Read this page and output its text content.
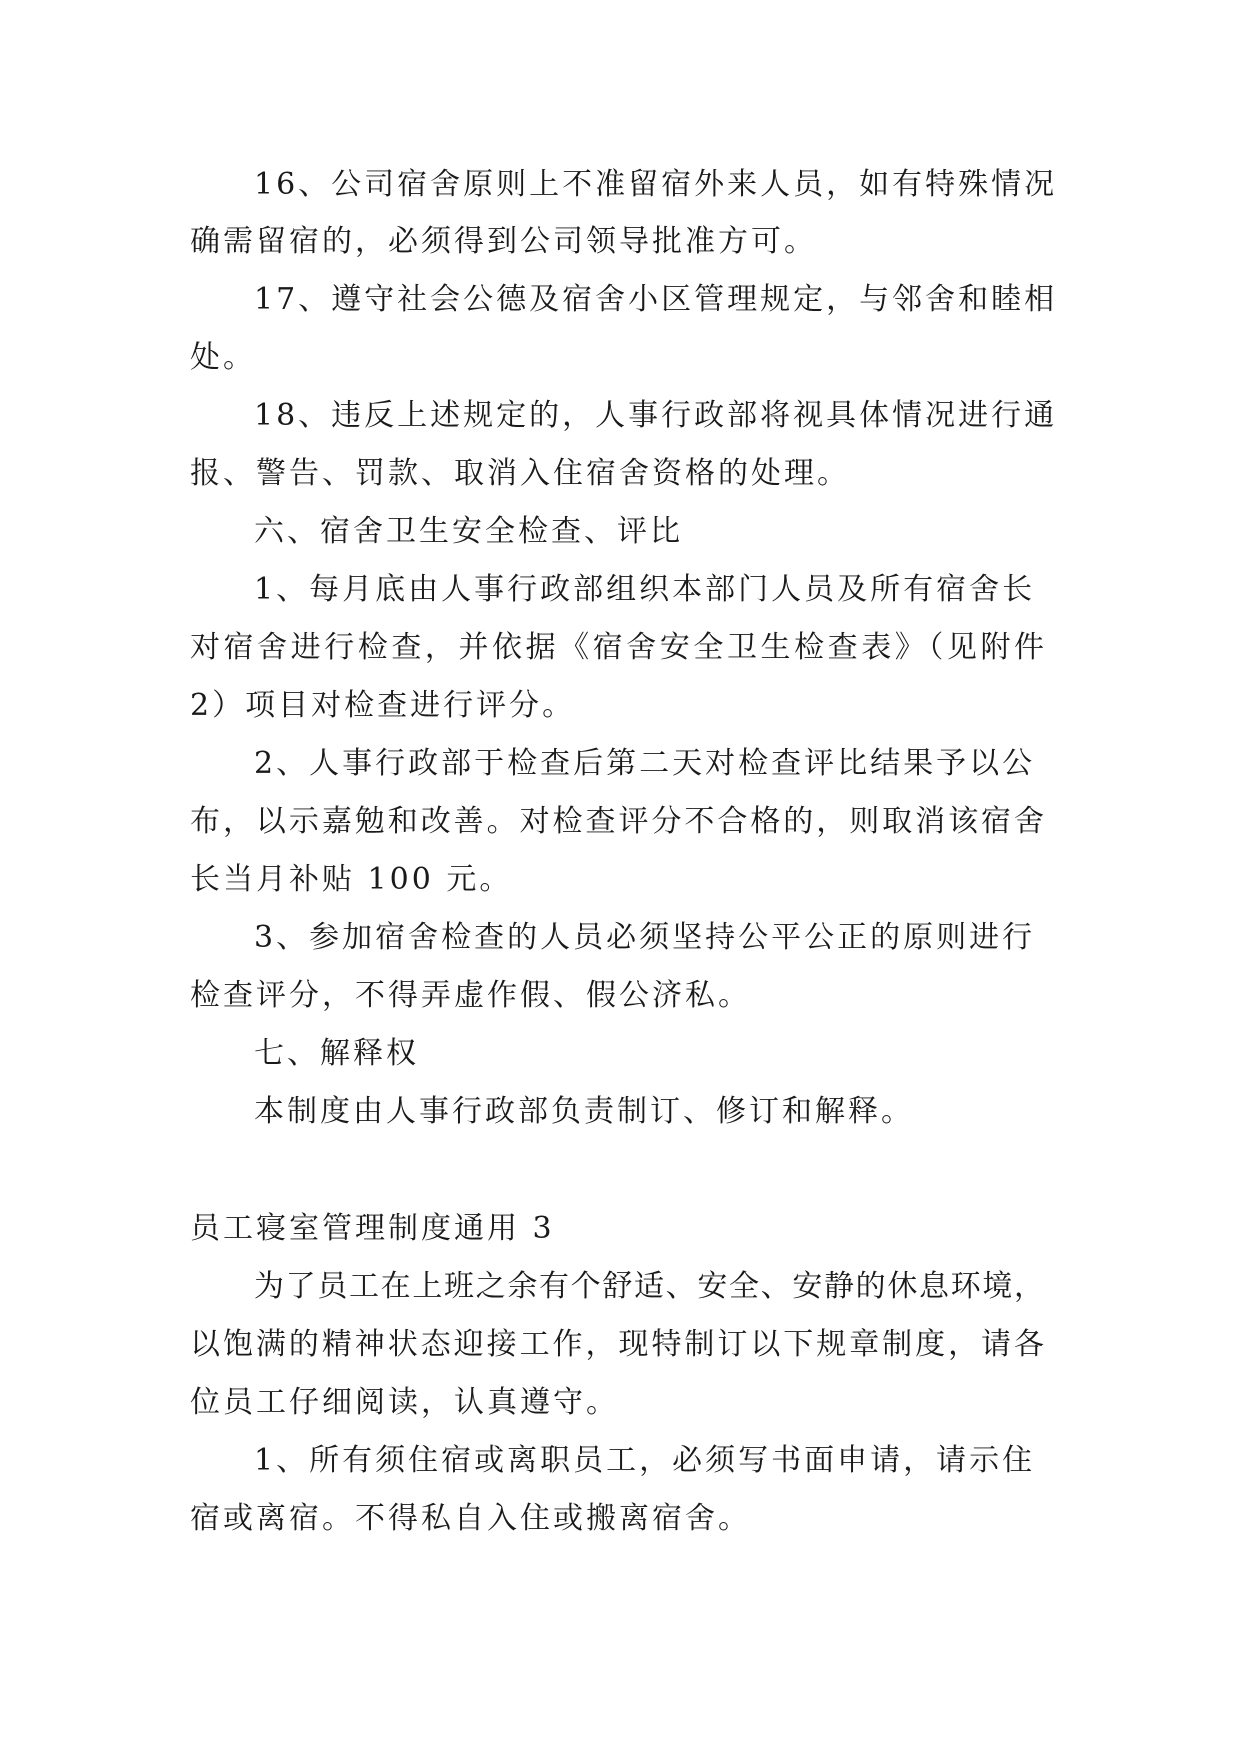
16、公司宿舍原则上不准留宿外来人员，如有特殊情况
确需留宿的，必须得到公司领导批准方可。
17、遵守社会公德及宿舍小区管理规定，与邻舍和睦相
处。
18、违反上述规定的，人事行政部将视具体情况进行通
报、警告、罚款、取消入住宿舍资格的处理。
六、宿舍卫生安全检查、评比
1、每月底由人事行政部组织本部门人员及所有宿舍长
对宿舍进行检查，并依据《宿舍安全卫生检查表》（见附件
2）项目对检查进行评分。
2、人事行政部于检查后第二天对检查评比结果予以公
布，以示嘉勉和改善。对检查评分不合格的，则取消该宿舍
长当月补贴 100 元。
3、参加宿舍检查的人员必须坚持公平公正的原则进行
检查评分，不得弄虚作假、假公济私。
七、解释权
本制度由人事行政部负责制订、修订和解释。
员工寝室管理制度通用 3
为了员工在上班之余有个舒适、安全、安静的休息环境，
以饱满的精神状态迎接工作，现特制订以下规章制度，请各
位员工仔细阅读，认真遵守。
1、所有须住宿或离职员工，必须写书面申请，请示住
宿或离宿。不得私自入住或搬离宿舍。
